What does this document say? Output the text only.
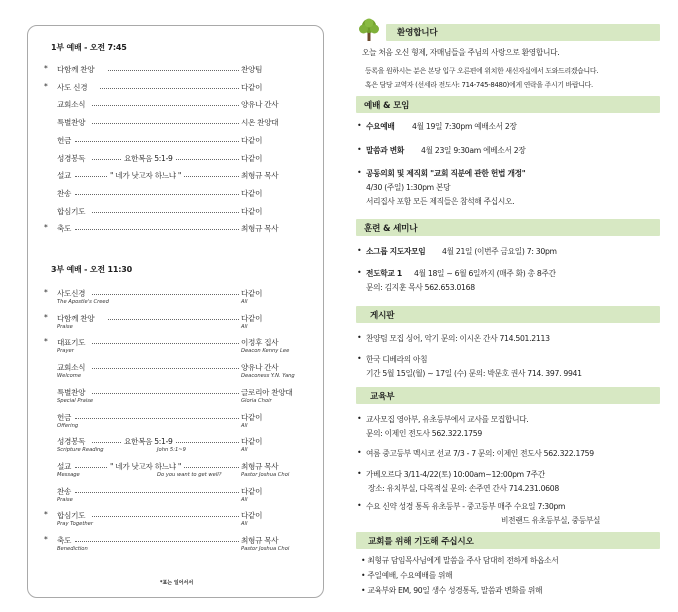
1부 예배 - 오전 7:45
*	다함께 찬양	찬양팀
*	사도 신경	다같이
교회소식	양유나 간사
특별찬양	시온 찬양대
헌금	다같이
성경봉독	요한복음 5:1-9	다같이
설교	" 네가 낫고자 하느냐 "	최형규 목사
찬송	다같이
합심기도	다같이
*	축도	최형규 목사
3부 예배 - 오전 11:30
*	사도신경	다같이
The Apostle's Creed	All
*	다함께 찬양	다같이
Praise	All
*	대표기도	이정후 집사
Prayer	Deacon Kenny Lee
교회소식	양유나 간사
Welcome	Deaconess Y.N. Yang
특별찬양	글로리아 찬양대
Special Praise	Gloria Choir
헌금	다같이
Offering	All
성경봉독	요한복음 5:1-9	다같이
Scripture Reading	John 5:1~9	All
설교	" 네가 낫고자 하느냐 "	최형규 목사
Message	Do you want to get well?	Pastor Joshua Choi
찬송	다같이
Praise	All
*	합심기도	다같이
Pray Together	All
*	축도	최형규 목사
Benediction	Pastor Joshua Choi
*표는 일어서서
환영합니다
오늘 처음 오신 형제, 자매님들을 주님의 사랑으로 환영합니다.
등록을 원하시는 분은 본당 입구 오른편에 위치한 새신자실에서 도와드리겠습니다.
혹은 담당 교역자 (선세라 전도사: 714-745-8480)에게 연락을 주시기 바랍니다.
예배 & 모임
• 수요예배 4월 19일 7:30pm 예배소서 2장
• 말씀과 변화 4월 23일 9:30am 에베소서 2장
• 공동의회 및 제직회 "교회 직분에 관한 헌법 개정"
4/30 (주일) 1:30pm 본당
서리집사 포함 모든 제직들은 참석해 주십시오.
훈련 & 세미나
• 소그룹 지도자모임 4월 21일 (이번주 금요일) 7: 30pm
• 전도학교 1 4월 18일 ~ 6월 6일까지 (매주 화) 총 8주간
문의: 김지훈 목사 562.653.0168
게시판
• 찬양팀 모집 싱어, 악기 문의: 이시온 간사 714.501.2113
• 한국 디베라의 아침
기간 5월 15일(월) ~ 17일 (수) 문의: 박문호 권사 714. 397. 9941
교육부
• 교사모집 영아부, 유초등부에서 교사를 모집합니다.
문의: 이제인 전도사 562.322.1759
• 여름 중고등부 멕시코 선교 7/3 - 7 문의: 이제인 전도사 562.322.1759
• 가베오르다 3/11-4/22(토) 10:00am~12:00pm 7주간
장소: 유치부실, 다목적실 문의: 손주연 간사 714.231.0608
• 수요 신약 성경 통독 유초등부 - 중고등부 매주 수요일 7:30pm
비전랜드 유초등부실, 중등부실
교회를 위해 기도해 주십시오
• 최형규 담임목사님에게 말씀을 주사 담대히 전하게 하옵소서
• 주일예배, 수요예배를 위해
• 교육부와 EM, 90일 생수 성경통독, 말씀과 변화를 위해
